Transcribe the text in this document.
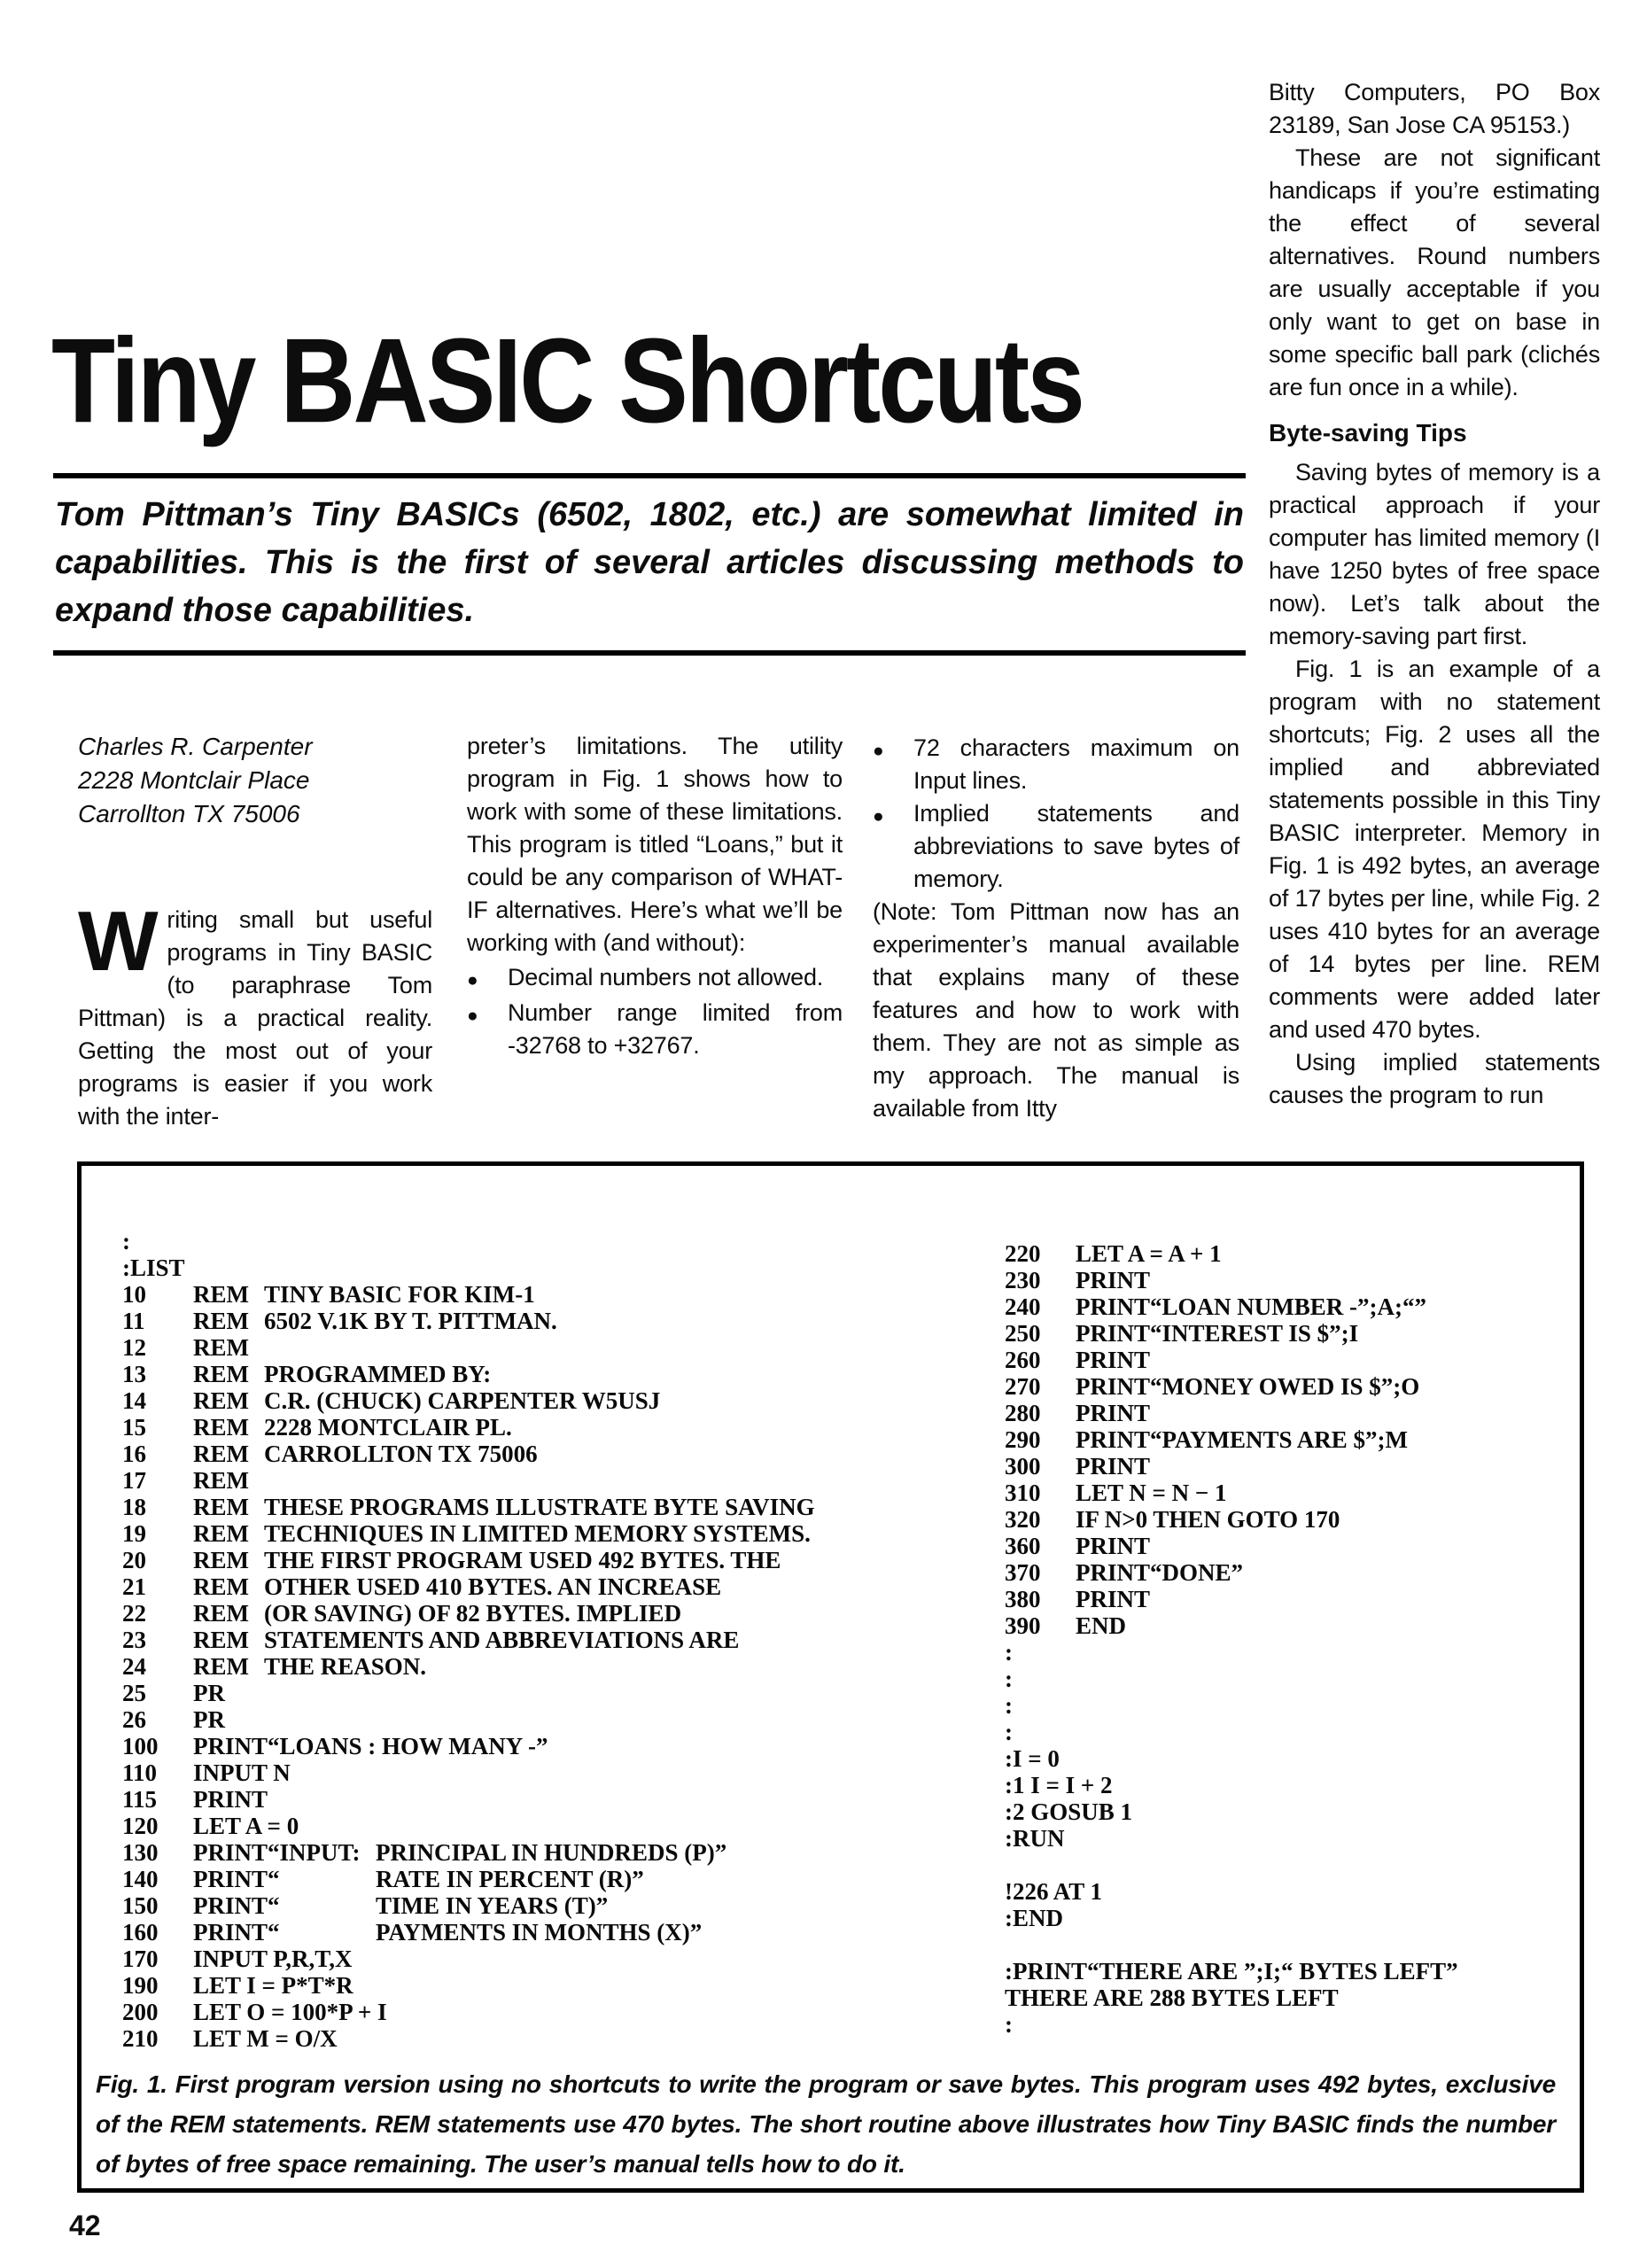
Bitty Computers, PO Box 23189, San Jose CA 95153.)

These are not significant handicaps if you’re estimating the effect of several alternatives. Round numbers are usually acceptable if you only want to get on base in some specific ball park (clichés are fun once in a while).

Byte-saving Tips

Saving bytes of memory is a practical approach if your computer has limited memory (I have 1250 bytes of free space now). Let’s talk about the memory-saving part first.

Fig. 1 is an example of a program with no statement shortcuts; Fig. 2 uses all the implied and abbreviated statements possible in this Tiny BASIC interpreter. Memory in Fig. 1 is 492 bytes, an average of 17 bytes per line, while Fig. 2 uses 410 bytes for an average of 14 bytes per line. REM comments were added later and used 470 bytes.

Using implied statements causes the program to run

Tiny BASIC Shortcuts
Tom Pittman’s Tiny BASICs (6502, 1802, etc.) are somewhat limited in capabilities. This is the first of several articles discussing methods to expand those capabilities.
Charles R. Carpenter
2228 Montclair Place
Carrollton TX 75006
Writing small but useful programs in Tiny BASIC (to paraphrase Tom Pittman) is a practical reality. Getting the most out of your programs is easier if you work with the inter-

preter’s limitations. The utility program in Fig. 1 shows how to work with some of these limitations. This program is titled “Loans,” but it could be any comparison of WHAT-IF alternatives. Here’s what we’ll be working with (and without):

●	Decimal numbers not allowed.
●	Number range limited from -32768 to +32767.
●	72 characters maximum on Input lines.
●	Implied statements and abbreviations to save bytes of memory.

(Note: Tom Pittman now has an experimenter’s manual available that explains many of these features and how to work with them. They are not as simple as my approach. The manual is available from Itty

:
:LIST
10 REM TINY BASIC FOR KIM-1
11 REM 6502 V.1K BY T. PITTMAN.
12 REM
13 REM PROGRAMMED BY:
14 REM C.R. (CHUCK) CARPENTER W5USJ
15 REM 2228 MONTCLAIR PL.
16 REM CARROLLTON TX 75006
17 REM
18 REM THESE PROGRAMS ILLUSTRATE BYTE SAVING
19 REM TECHNIQUES IN LIMITED MEMORY SYSTEMS.
20 REM THE FIRST PROGRAM USED 492 BYTES. THE
21 REM OTHER USED 410 BYTES. AN INCREASE
22 REM (OR SAVING) OF 82 BYTES. IMPLIED
23 REM STATEMENTS AND ABBREVIATIONS ARE
24 REM THE REASON.
25 PR
26 PR
100 PRINT“LOANS : HOW MANY -”
110 INPUT N
115 PRINT
120 LET A = 0
130 PRINT“INPUT: PRINCIPAL IN HUNDREDS (P)”
140 PRINT“	RATE IN PERCENT (R)”
150 PRINT“	TIME IN YEARS (T)”
160 PRINT“	PAYMENTS IN MONTHS (X)”
170 INPUT P,R,T,X
190 LET I = P*T*R
200 LET O = 100*P + I
210 LET M = O/X
220 LET A = A + 1
230 PRINT
240 PRINT“LOAN NUMBER -”;A;“”
250 PRINT“INTEREST IS $”;I
260 PRINT
270 PRINT“MONEY OWED IS $”;O
280 PRINT
290 PRINT“PAYMENTS ARE $”;M
300 PRINT
310 LET N = N − 1
320 IF N>0 THEN GOTO 170
360 PRINT
370 PRINT“DONE”
380 PRINT
390 END
:
:
:
:
:I = 0
:1 I = I + 2
:2 GOSUB 1
:RUN

!226 AT 1
:END

:PRINT“THERE ARE ”;I;“ BYTES LEFT”
THERE ARE 288 BYTES LEFT
:
Fig. 1. First program version using no shortcuts to write the program or save bytes. This program uses 492 bytes, exclusive of the REM statements. REM statements use 470 bytes. The short routine above illustrates how Tiny BASIC finds the number of bytes of free space remaining. The user’s manual tells how to do it.
42
